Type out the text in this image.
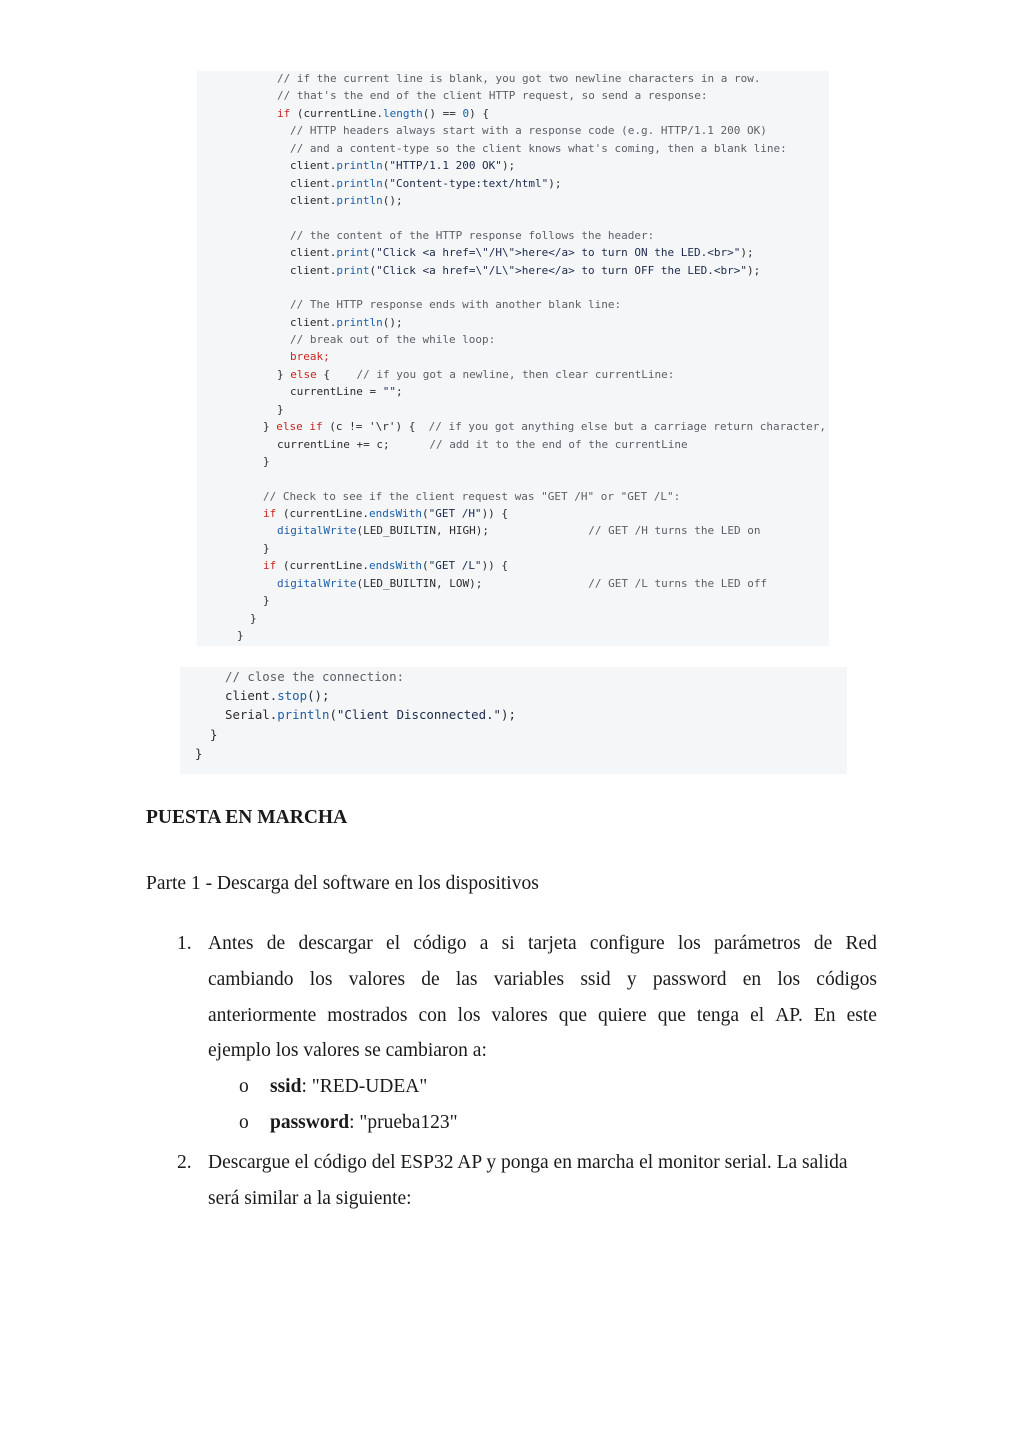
// if the current line is blank, you got two newline characters in a row.
// that's the end of the client HTTP request, so send a response:
if (currentLine.length() == 0) {
// HTTP headers always start with a response code (e.g. HTTP/1.1 200 OK)
// and a content-type so the client knows what's coming, then a blank line:
client.println("HTTP/1.1 200 OK");
client.println("Content-type:text/html");
client.println();
// the content of the HTTP response follows the header:
client.print("Click <a href=\"/H\">here</a> to turn ON the LED.<br>");
client.print("Click <a href=\"/L\">here</a> to turn OFF the LED.<br>");
// The HTTP response ends with another blank line:
client.println();
// break out of the while loop:
break;
} else {    // if you got a newline, then clear currentLine:
currentLine = "";
}
} else if (c != '\r') {  // if you got anything else but a carriage return character,
currentLine += c;      // add it to the end of the currentLine
}
// Check to see if the client request was "GET /H" or "GET /L":
if (currentLine.endsWith("GET /H")) {
digitalWrite(LED_BUILTIN, HIGH);               // GET /H turns the LED on
}
if (currentLine.endsWith("GET /L")) {
digitalWrite(LED_BUILTIN, LOW);                // GET /L turns the LED off
}
}
}
// close the connection:
client.stop();
Serial.println("Client Disconnected.");
}
}
PUESTA EN MARCHA
Parte 1 - Descarga del software en los dispositivos
1. Antes de descargar el código a si tarjeta configure los parámetros de Red
cambiando los valores de las variables ssid y password en los códigos
anteriormente mostrados con los valores que quiere que tenga el AP. En este
ejemplo los valores se cambiaron a:
o ssid: "RED-UDEA"
o password: "prueba123"
2. Descargue el código del ESP32 AP y ponga en marcha el monitor serial. La salida
será similar a la siguiente:
